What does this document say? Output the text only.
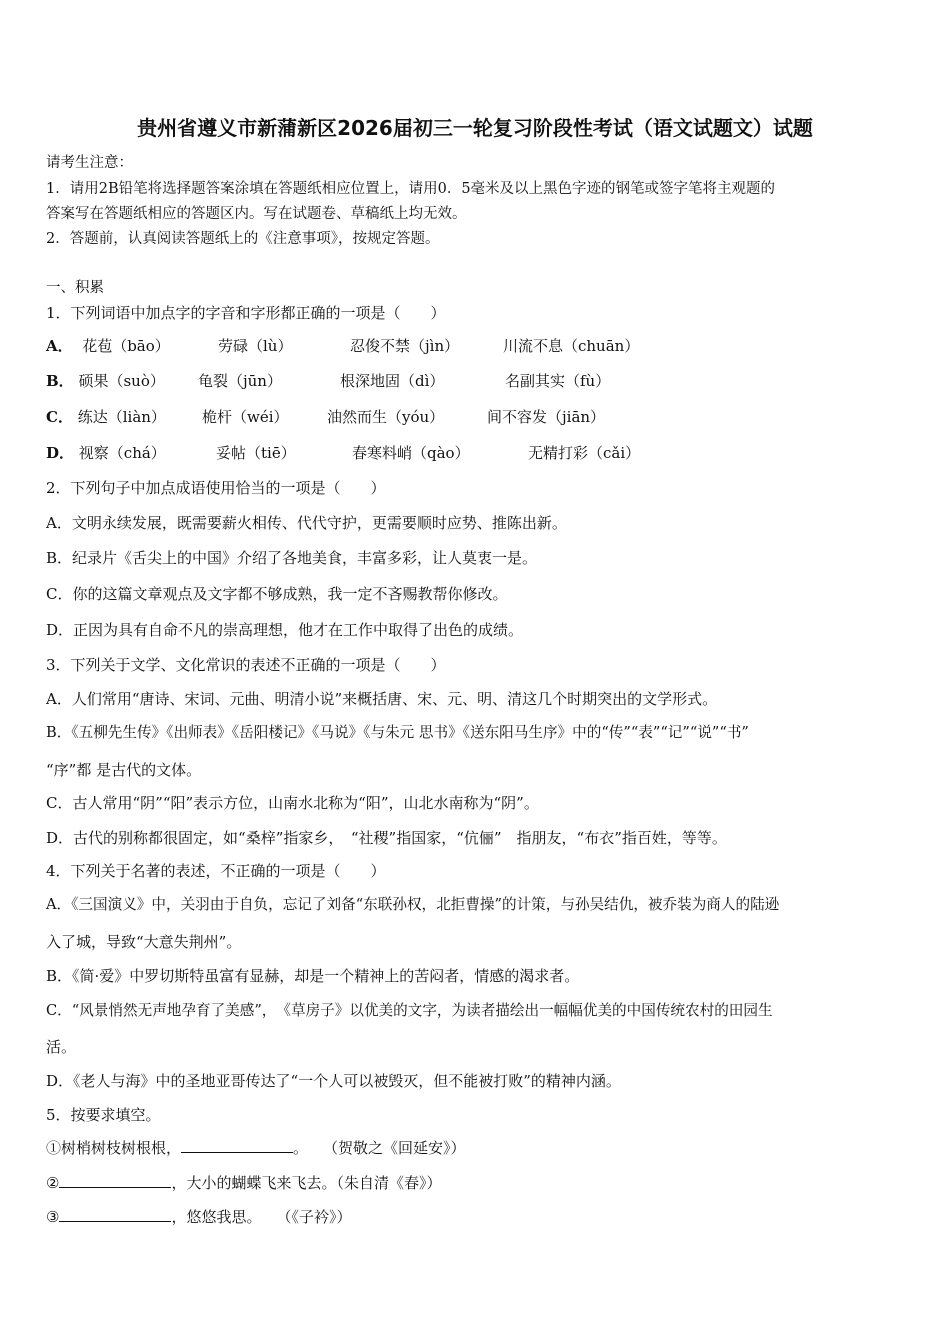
贵州省遵义市新蒲新区2026届初三一轮复习阶段性考试（语文试题文）试题
请考生注意：
1．请用2B铅笔将选择题答案涂填在答题纸相应位置上，请用0．5毫米及以上黑色字迹的钢笔或签字笔将主观题的
答案写在答题纸相应的答题区内。写在试题卷、草稿纸上均无效。
2．答题前，认真阅读答题纸上的《注意事项》，按规定答题。
一、积累
1．下列词语中加点字的字音和字形都正确的一项是（　　）
A． 花苞（bāo）	劳碌（lù）	忍俊不禁（jìn）	川流不息（chuān）
B． 硕果（suò） 龟裂（jūn）	根深地固（dì）	名副其实（fù）
C． 练达（liàn） 桅杆（wéi）	油然而生（yóu）	间不容发（jiān）
D． 视察（chá）	妥帖（tiē）	春寒料峭（qào）	无精打彩（cǎi）
2．下列句子中加点成语使用恰当的一项是（　　）
A．文明永续发展，既需要薪火相传、代代守护，更需要顺时应势、推陈出新。
B．纪录片《舌尖上的中国》介绍了各地美食，丰富多彩，让人莫衷一是。
C．你的这篇文章观点及文字都不够成熟，我一定不吝赐教帮你修改。
D．正因为具有自命不凡的崇高理想，他才在工作中取得了出色的成绩。
3．下列关于文学、文化常识的表述不正确的一项是（　　）
A．人们常用“唐诗、宋词、元曲、明清小说”来概括唐、宋、元、明、清这几个时期突出的文学形式。
B．《五柳先生传》《出师表》《岳阳楼记》《马说》《与朱元 思书》《送东阳马生序》中的“传”“表”“记”“说”“书”
“序”都 是古代的文体。
C．古人常用“阴”“阳”表示方位，山南水北称为“阳”，山北水南称为“阴”。
D．古代的别称都很固定，如“桑梓”指家乡，　“社稷”指国家，“伉俪”　指朋友，“布衣”指百姓，等等。
4．下列关于名著的表述，不正确的一项是（　　）
A．《三国演义》中，关羽由于自负，忘记了刘备“东联孙权，北拒曹操”的计策，与孙吴结仇，被乔装为商人的陆逊
入了城，导致“大意失荆州”。
B．《简·爱》中罗切斯特虽富有显赫，却是一个精神上的苦闷者，情感的渴求者。
C．“风景悄然无声地孕育了美感”，　《草房子》以优美的文字，为读者描绘出一幅幅优美的中国传统农村的田园生
活。
D．《老人与海》中的圣地亚哥传达了“一个人可以被毁灭，但不能被打败”的精神内涵。
5．按要求填空。
①树梢树枝树根根，	。　　（贺敬之《回延安》）
②	，大小的蝴蝶飞来飞去。（朱自清《春》）
③	，悠悠我思。　　（《子衿》）
